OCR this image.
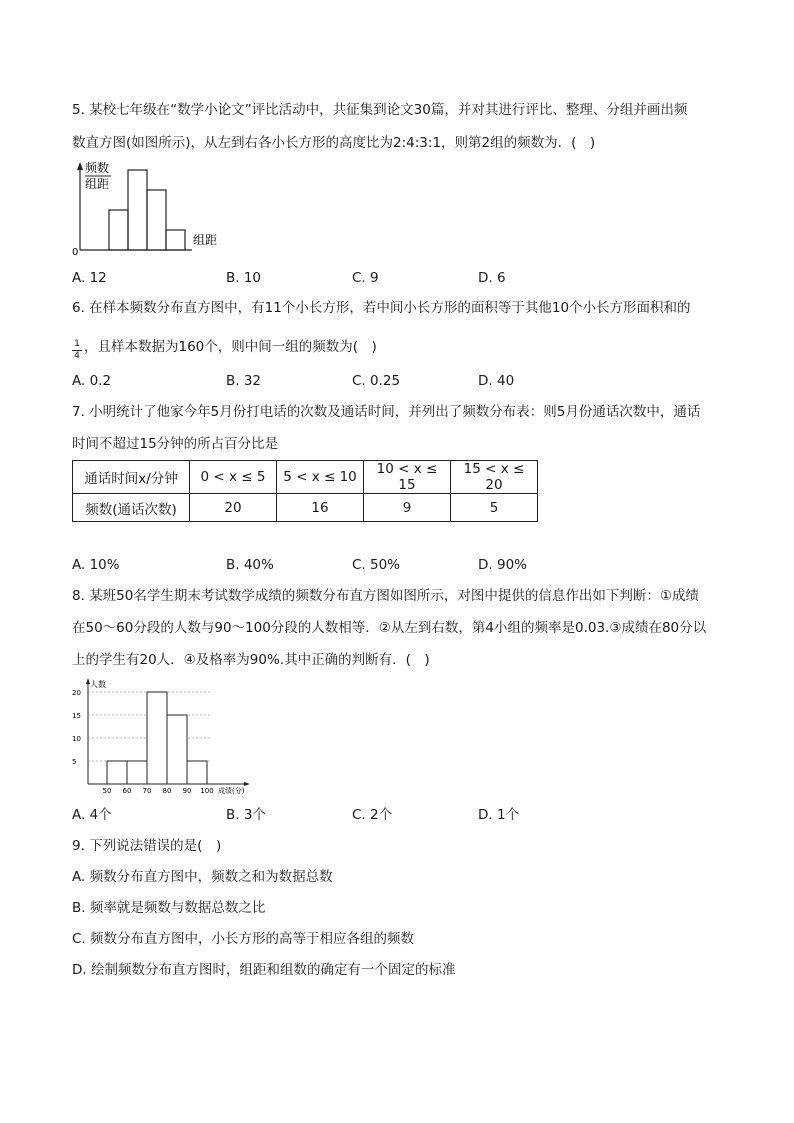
5. 某校七年级在“数学小论文”评比活动中，共征集到论文30篇，并对其进行评比、整理、分组并画出频
数直方图(如图所示)，从左到右各小长方形的高度比为2:4:3:1，则第2组的频数为．(　)
频数
组距
0
组距
A. 12	B. 10	C. 9	D. 6
6. 在样本频数分布直方图中，有11个小长方形，若中间小长方形的面积等于其他10个小长方形面积和的
1
4
，且样本数据为160个，则中间一组的频数为(　)
A. 0.2	B. 32	C. 0.25	D. 40
7. 小明统计了他家今年5月份打电话的次数及通话时间，并列出了频数分布表：则5月份通话次数中，通话
时间不超过15分钟的所占百分比是
通话时间x/分钟	0 < x ≤ 5	5 < x ≤ 10	10 < x ≤ 15	15 < x ≤ 20
频数(通话次数)	20	16	9	5
A. 10%	B. 40%	C. 50%	D. 90%
8. 某班50名学生期末考试数学成绩的频数分布直方图如图所示，对图中提供的信息作出如下判断：①成绩
在50～60分段的人数与90～100分段的人数相等．②从左到右数，第4小组的频率是0.03.③成绩在80分以
上的学生有20人．④及格率为90%.其中正确的判断有．(　)
人数
5
10
15
20
50 60 70 80 90 100 成绩(分)
A. 4个	B. 3个	C. 2个	D. 1个
9. 下列说法错误的是(　)
A. 频数分布直方图中，频数之和为数据总数
B. 频率就是频数与数据总数之比
C. 频数分布直方图中，小长方形的高等于相应各组的频数
D. 绘制频数分布直方图时，组距和组数的确定有一个固定的标准
